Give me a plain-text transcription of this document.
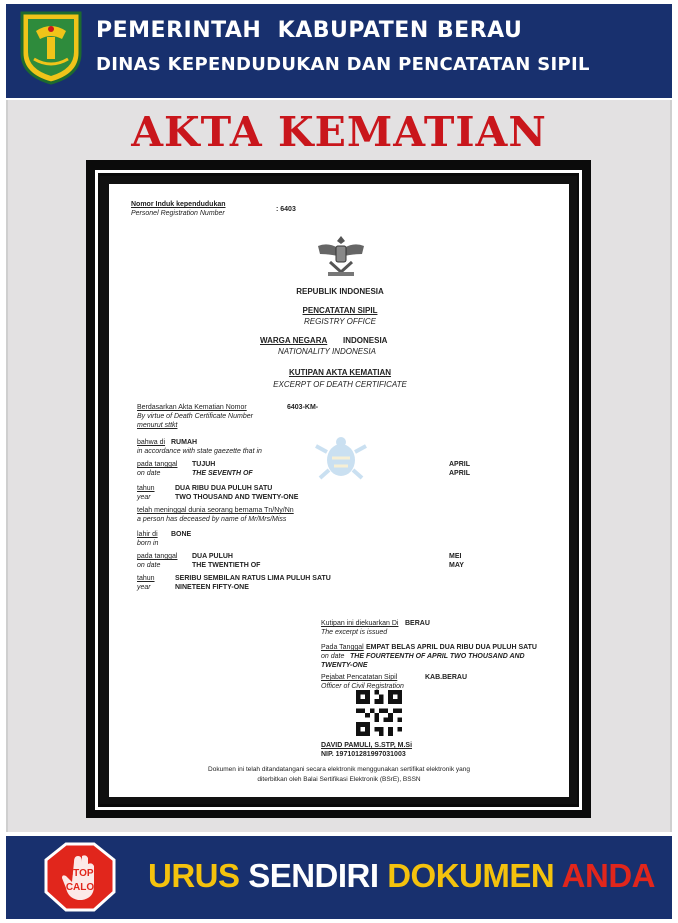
PEMERINTAH  KABUPATEN BERAU
DINAS KEPENDUDUKAN DAN PENCATATAN SIPIL
AKTA KEMATIAN
Nomor Induk kependudukan
Personel Registration Number
: 6403
REPUBLIK INDONESIA
PENCATATAN SIPIL
REGISTRY OFFICE
WARGA NEGARA INDONESIA
NATIONALITY INDONESIA
KUTIPAN AKTA KEMATIAN
EXCERPT OF DEATH CERTIFICATE
Berdasarkan Akta Kematian Nomor	6403-KM-
By virtue of Death Certificate Number
menurut sttkt
bahwa di RUMAH
in accordance with state gaezette that in
pada tanggal TUJUH	APRIL
on date	THE SEVENTH OF	APRIL
tahun	DUA RIBU DUA PULUH SATU
year	TWO THOUSAND AND TWENTY-ONE
telah meninggal dunia seorang bernama Tn/Ny/Nn
a person has deceased by name of Mr/Mrs/Miss
lahir di BONE
born in
pada tanggal DUA PULUH	MEI
on date	THE TWENTIETH OF	MAY
tahun	SERIBU SEMBILAN RATUS LIMA PULUH SATU
year	NINETEEN FIFTY-ONE
Kutipan ini diekuarkan Di BERAU
The excerpt is issued
Pada Tanggal EMPAT BELAS APRIL DUA RIBU DUA PULUH SATU
on date THE FOURTEENTH OF APRIL TWO THOUSAND AND
TWENTY-ONE
Pejabat Pencatatan Sipil	KAB.BERAU
Officer of Civil Registration
DAVID PAMULI, S.STP, M.Si
NIP. 197101281997031003
Dokumen ini telah ditandatangani secara elektronik menggunakan sertifikat elektronik yang
diterbitkan oleh Balai Sertifikasi Elektronik (BSrE), BSSN
STOP
CALO URUS SENDIRI DOKUMEN ANDA
